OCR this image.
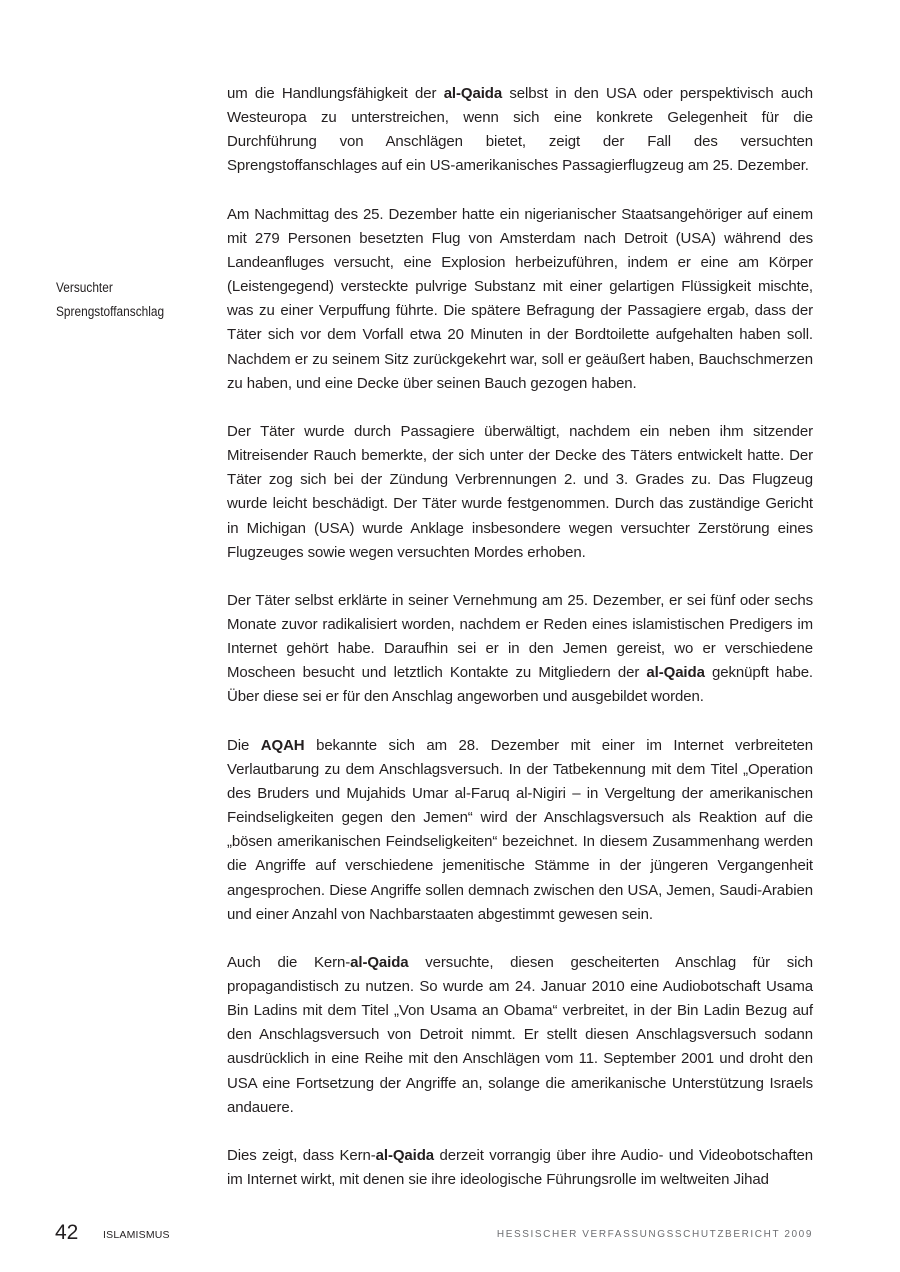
Versuchter
Sprengstoffanschlag

um die Handlungsfähigkeit der al-Qaida selbst in den USA oder perspektivisch auch Westeuropa zu unterstreichen, wenn sich eine konkrete Gelegenheit für die Durchführung von Anschlägen bietet, zeigt der Fall des versuchten Sprengstoffanschlages auf ein US-amerikanisches Passagierflugzeug am 25. Dezember.

Am Nachmittag des 25. Dezember hatte ein nigerianischer Staatsangehöriger auf einem mit 279 Personen besetzten Flug von Amsterdam nach Detroit (USA) während des Landeanfluges versucht, eine Explosion herbeizuführen, indem er eine am Körper (Leistengegend) versteckte pulvrige Substanz mit einer gelartigen Flüssigkeit mischte, was zu einer Verpuffung führte. Die spätere Befragung der Passagiere ergab, dass der Täter sich vor dem Vorfall etwa 20 Minuten in der Bordtoilette aufgehalten haben soll. Nachdem er zu seinem Sitz zurückgekehrt war, soll er geäußert haben, Bauchschmerzen zu haben, und eine Decke über seinen Bauch gezogen haben.

Der Täter wurde durch Passagiere überwältigt, nachdem ein neben ihm sitzender Mitreisender Rauch bemerkte, der sich unter der Decke des Täters entwickelt hatte. Der Täter zog sich bei der Zündung Verbrennungen 2. und 3. Grades zu. Das Flugzeug wurde leicht beschädigt. Der Täter wurde festgenommen. Durch das zuständige Gericht in Michigan (USA) wurde Anklage insbesondere wegen versuchter Zerstörung eines Flugzeuges sowie wegen versuchten Mordes erhoben.

Der Täter selbst erklärte in seiner Vernehmung am 25. Dezember, er sei fünf oder sechs Monate zuvor radikalisiert worden, nachdem er Reden eines islamistischen Predigers im Internet gehört habe. Daraufhin sei er in den Jemen gereist, wo er verschiedene Moscheen besucht und letztlich Kontakte zu Mitgliedern der al-Qaida geknüpft habe. Über diese sei er für den Anschlag angeworben und ausgebildet worden.

Die AQAH bekannte sich am 28. Dezember mit einer im Internet verbreiteten Verlautbarung zu dem Anschlagsversuch. In der Tatbekennung mit dem Titel „Operation des Bruders und Mujahids Umar al-Faruq al-Nigiri – in Vergeltung der amerikanischen Feindseligkeiten gegen den Jemen“ wird der Anschlagsversuch als Reaktion auf die „bösen amerikanischen Feindseligkeiten“ bezeichnet. In diesem Zusammenhang werden die Angriffe auf verschiedene jemenitische Stämme in der jüngeren Vergangenheit angesprochen. Diese Angriffe sollen demnach zwischen den USA, Jemen, Saudi-Arabien und einer Anzahl von Nachbarstaaten abgestimmt gewesen sein.

Auch die Kern-al-Qaida versuchte, diesen gescheiterten Anschlag für sich propagandistisch zu nutzen. So wurde am 24. Januar 2010 eine Audiobotschaft Usama Bin Ladins mit dem Titel „Von Usama an Obama“ verbreitet, in der Bin Ladin Bezug auf den Anschlagsversuch von Detroit nimmt. Er stellt diesen Anschlagsversuch sodann ausdrücklich in eine Reihe mit den Anschlägen vom 11. September 2001 und droht den USA eine Fortsetzung der Angriffe an, solange die amerikanische Unterstützung Israels andauere.

Dies zeigt, dass Kern-al-Qaida derzeit vorrangig über ihre Audio- und Videobotschaften im Internet wirkt, mit denen sie ihre ideologische Führungsrolle im weltweiten Jihad

42 ISLAMISMUS	HESSISCHER VERFASSUNGSSCHUTZBERICHT 2009
